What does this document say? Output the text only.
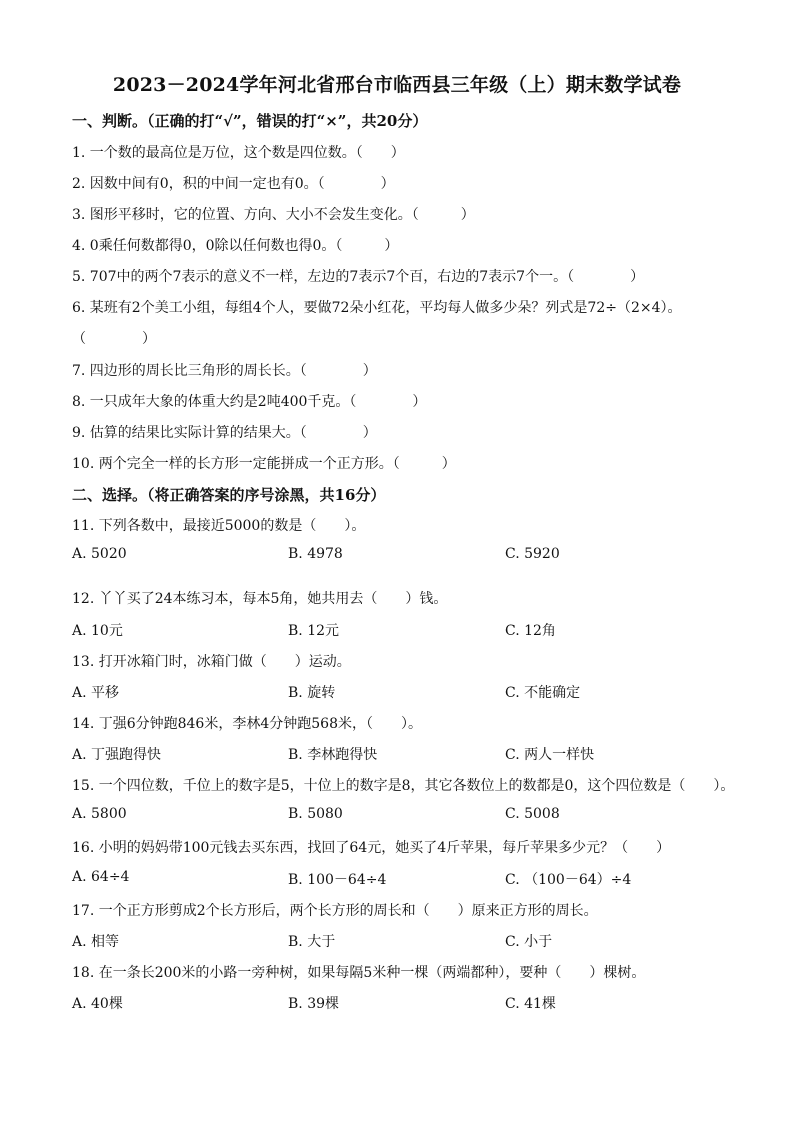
2023－2024学年河北省邢台市临西县三年级（上）期末数学试卷
一、判断。（正确的打“√”，错误的打“×”，共20分）
1. 一个数的最高位是万位，这个数是四位数。（　　）
2. 因数中间有0，积的中间一定也有0。（　　　　）
3. 图形平移时，它的位置、方向、大小不会发生变化。（　　　）
4. 0乘任何数都得0，0除以任何数也得0。（　　　）
5. 707中的两个7表示的意义不一样，左边的7表示7个百，右边的7表示7个一。（　　　　）
6. 某班有2个美工小组，每组4个人，要做72朵小红花，平均每人做多少朵？列式是72÷（2×4）。
（　　　　）
7. 四边形的周长比三角形的周长长。（　　　　）
8. 一只成年大象的体重大约是2吨400千克。（　　　　）
9. 估算的结果比实际计算的结果大。（　　　　）
10. 两个完全一样的长方形一定能拼成一个正方形。（　　　）
二、选择。（将正确答案的序号涂黑，共16分）
11. 下列各数中，最接近5000的数是（　　）。
A. 5020	B. 4978	C. 5920
12. 丫丫买了24本练习本，每本5角，她共用去（　　）钱。
A. 10元	B. 12元	C. 12角
13. 打开冰箱门时，冰箱门做（　　）运动。
A. 平移	B. 旋转	C. 不能确定
14. 丁强6分钟跑846米，李林4分钟跑568米，（　　）。
A. 丁强跑得快	B. 李林跑得快	C. 两人一样快
15. 一个四位数，千位上的数字是5，十位上的数字是8，其它各数位上的数都是0，这个四位数是（　　）。
A. 5800	B. 5080	C. 5008
16. 小明的妈妈带100元钱去买东西，找回了64元，她买了4斤苹果，每斤苹果多少元？（　　）
A. 64÷4	B. 100－64÷4	C. （100－64）÷4
17. 一个正方形剪成2个长方形后，两个长方形的周长和（　　）原来正方形的周长。
A. 相等	B. 大于	C. 小于
18. 在一条长200米的小路一旁种树，如果每隔5米种一棵（两端都种），要种（　　）棵树。
A. 40棵	B. 39棵	C. 41棵
